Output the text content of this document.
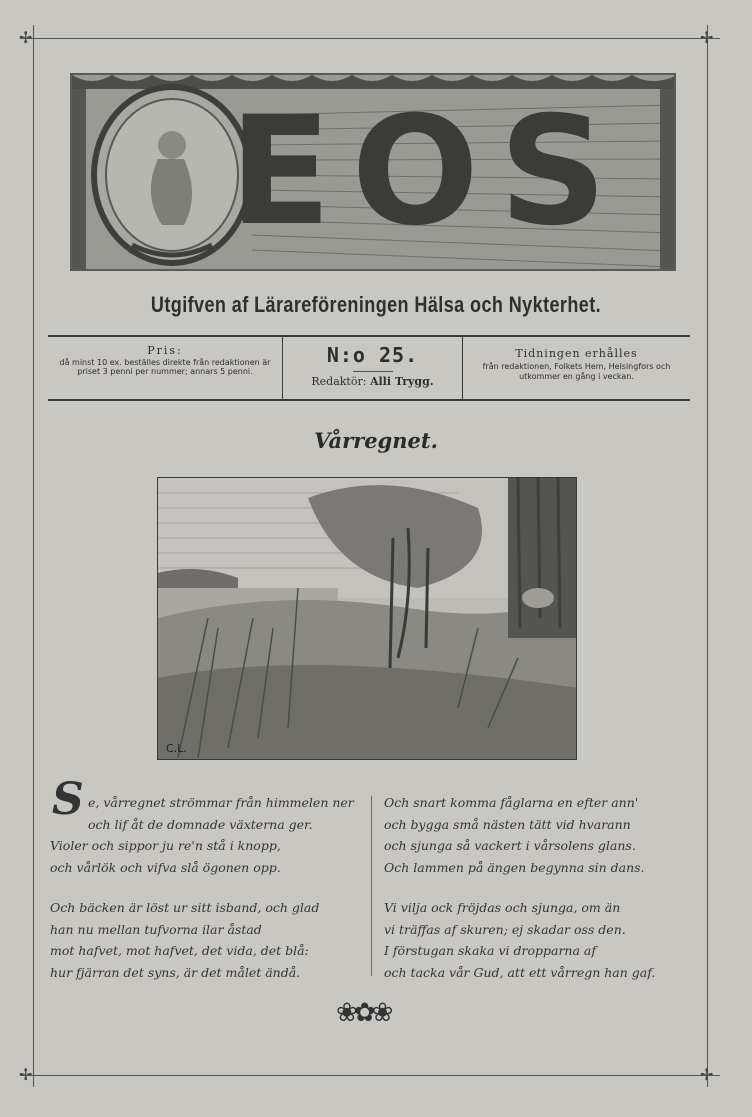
✢	✢
✢	✢
EOS

Utgifven af Lärareföreningen Hälsa och Nykterhet.

Pris:
då minst 10 ex. beställes direkte från redaktionen är priset 3 penni per nummer; annars 5 penni.
N:o 25.
Redaktör: Alli Trygg.
Tidningen erhålles
från redaktionen, Folkets Hem, Helsingfors och utkommer en gång i veckan.
Vårregnet.
C.L.
S e, vårregnet strömmar från himmelen ner
och lif åt de domnade växterna ger.

Violer och sippor ju re'n stå i knopp,
och vårlök och vifva slå ögonen opp.

Och bäcken är löst ur sitt isband, och glad
han nu mellan tufvorna ilar åstad
mot hafvet, mot hafvet, det vida, det blå:
hur fjärran det syns, är det målet ändå.

Och snart komma fåglarna en efter ann'
och bygga små nästen tätt vid hvarann
och sjunga så vackert i vårsolens glans.
Och lammen på ängen begynna sin dans.

Vi vilja ock fröjdas och sjunga, om än
vi träffas af skuren; ej skadar oss den.
I förstugan skaka vi dropparna af
och tacka vår Gud, att ett vårregn han gaf.

❀✿❀
